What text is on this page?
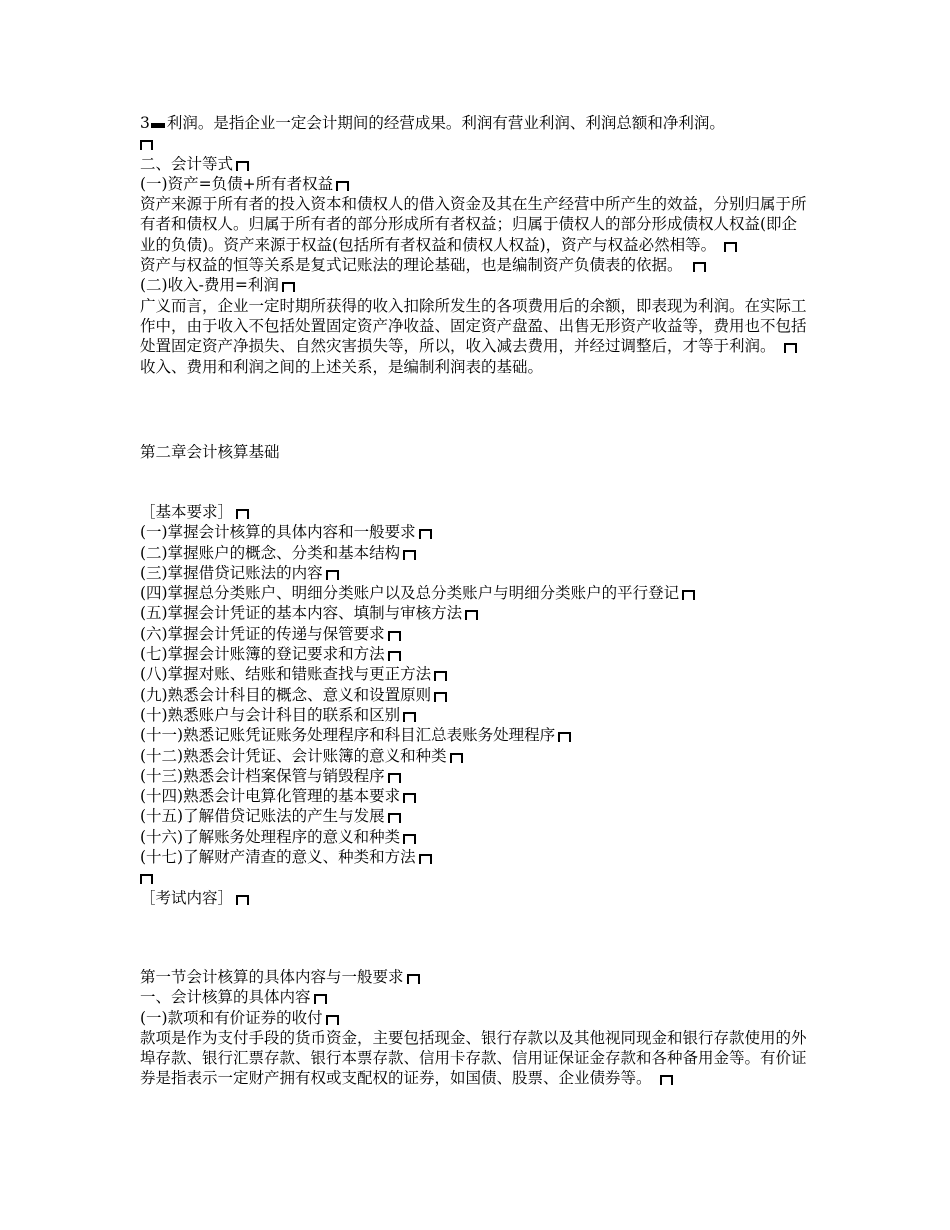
3 利润。是指企业一定会计期间的经营成果。利润有营业利润、利润总额和净利润。
二、会计等式
(一)资产=负债+所有者权益
资产来源于所有者的投入资本和债权人的借入资金及其在生产经营中所产生的效益，分别归属于所有者和债权人。归属于所有者的部分形成所有者权益；归属于债权人的部分形成债权人权益(即企业的负债)。资产来源于权益(包括所有者权益和债权人权益)，资产与权益必然相等。
资产与权益的恒等关系是复式记账法的理论基础，也是编制资产负债表的依据。
(二)收入-费用=利润
广义而言，企业一定时期所获得的收入扣除所发生的各项费用后的余额，即表现为利润。在实际工作中，由于收入不包括处置固定资产净收益、固定资产盘盈、出售无形资产收益等，费用也不包括处置固定资产净损失、自然灾害损失等，所以，收入减去费用，并经过调整后，才等于利润。
收入、费用和利润之间的上述关系，是编制利润表的基础。
第二章会计核算基础
［基本要求］
(一)掌握会计核算的具体内容和一般要求
(二)掌握账户的概念、分类和基本结构
(三)掌握借贷记账法的内容
(四)掌握总分类账户、明细分类账户以及总分类账户与明细分类账户的平行登记
(五)掌握会计凭证的基本内容、填制与审核方法
(六)掌握会计凭证的传递与保管要求
(七)掌握会计账簿的登记要求和方法
(八)掌握对账、结账和错账查找与更正方法
(九)熟悉会计科目的概念、意义和设置原则
(十)熟悉账户与会计科目的联系和区别
(十一)熟悉记账凭证账务处理程序和科目汇总表账务处理程序
(十二)熟悉会计凭证、会计账簿的意义和种类
(十三)熟悉会计档案保管与销毁程序
(十四)熟悉会计电算化管理的基本要求
(十五)了解借贷记账法的产生与发展
(十六)了解账务处理程序的意义和种类
(十七)了解财产清查的意义、种类和方法
［考试内容］
第一节会计核算的具体内容与一般要求
一、会计核算的具体内容
(一)款项和有价证券的收付
款项是作为支付手段的货币资金，主要包括现金、银行存款以及其他视同现金和银行存款使用的外埠存款、银行汇票存款、银行本票存款、信用卡存款、信用证保证金存款和各种备用金等。有价证券是指表示一定财产拥有权或支配权的证券，如国债、股票、企业债券等。
